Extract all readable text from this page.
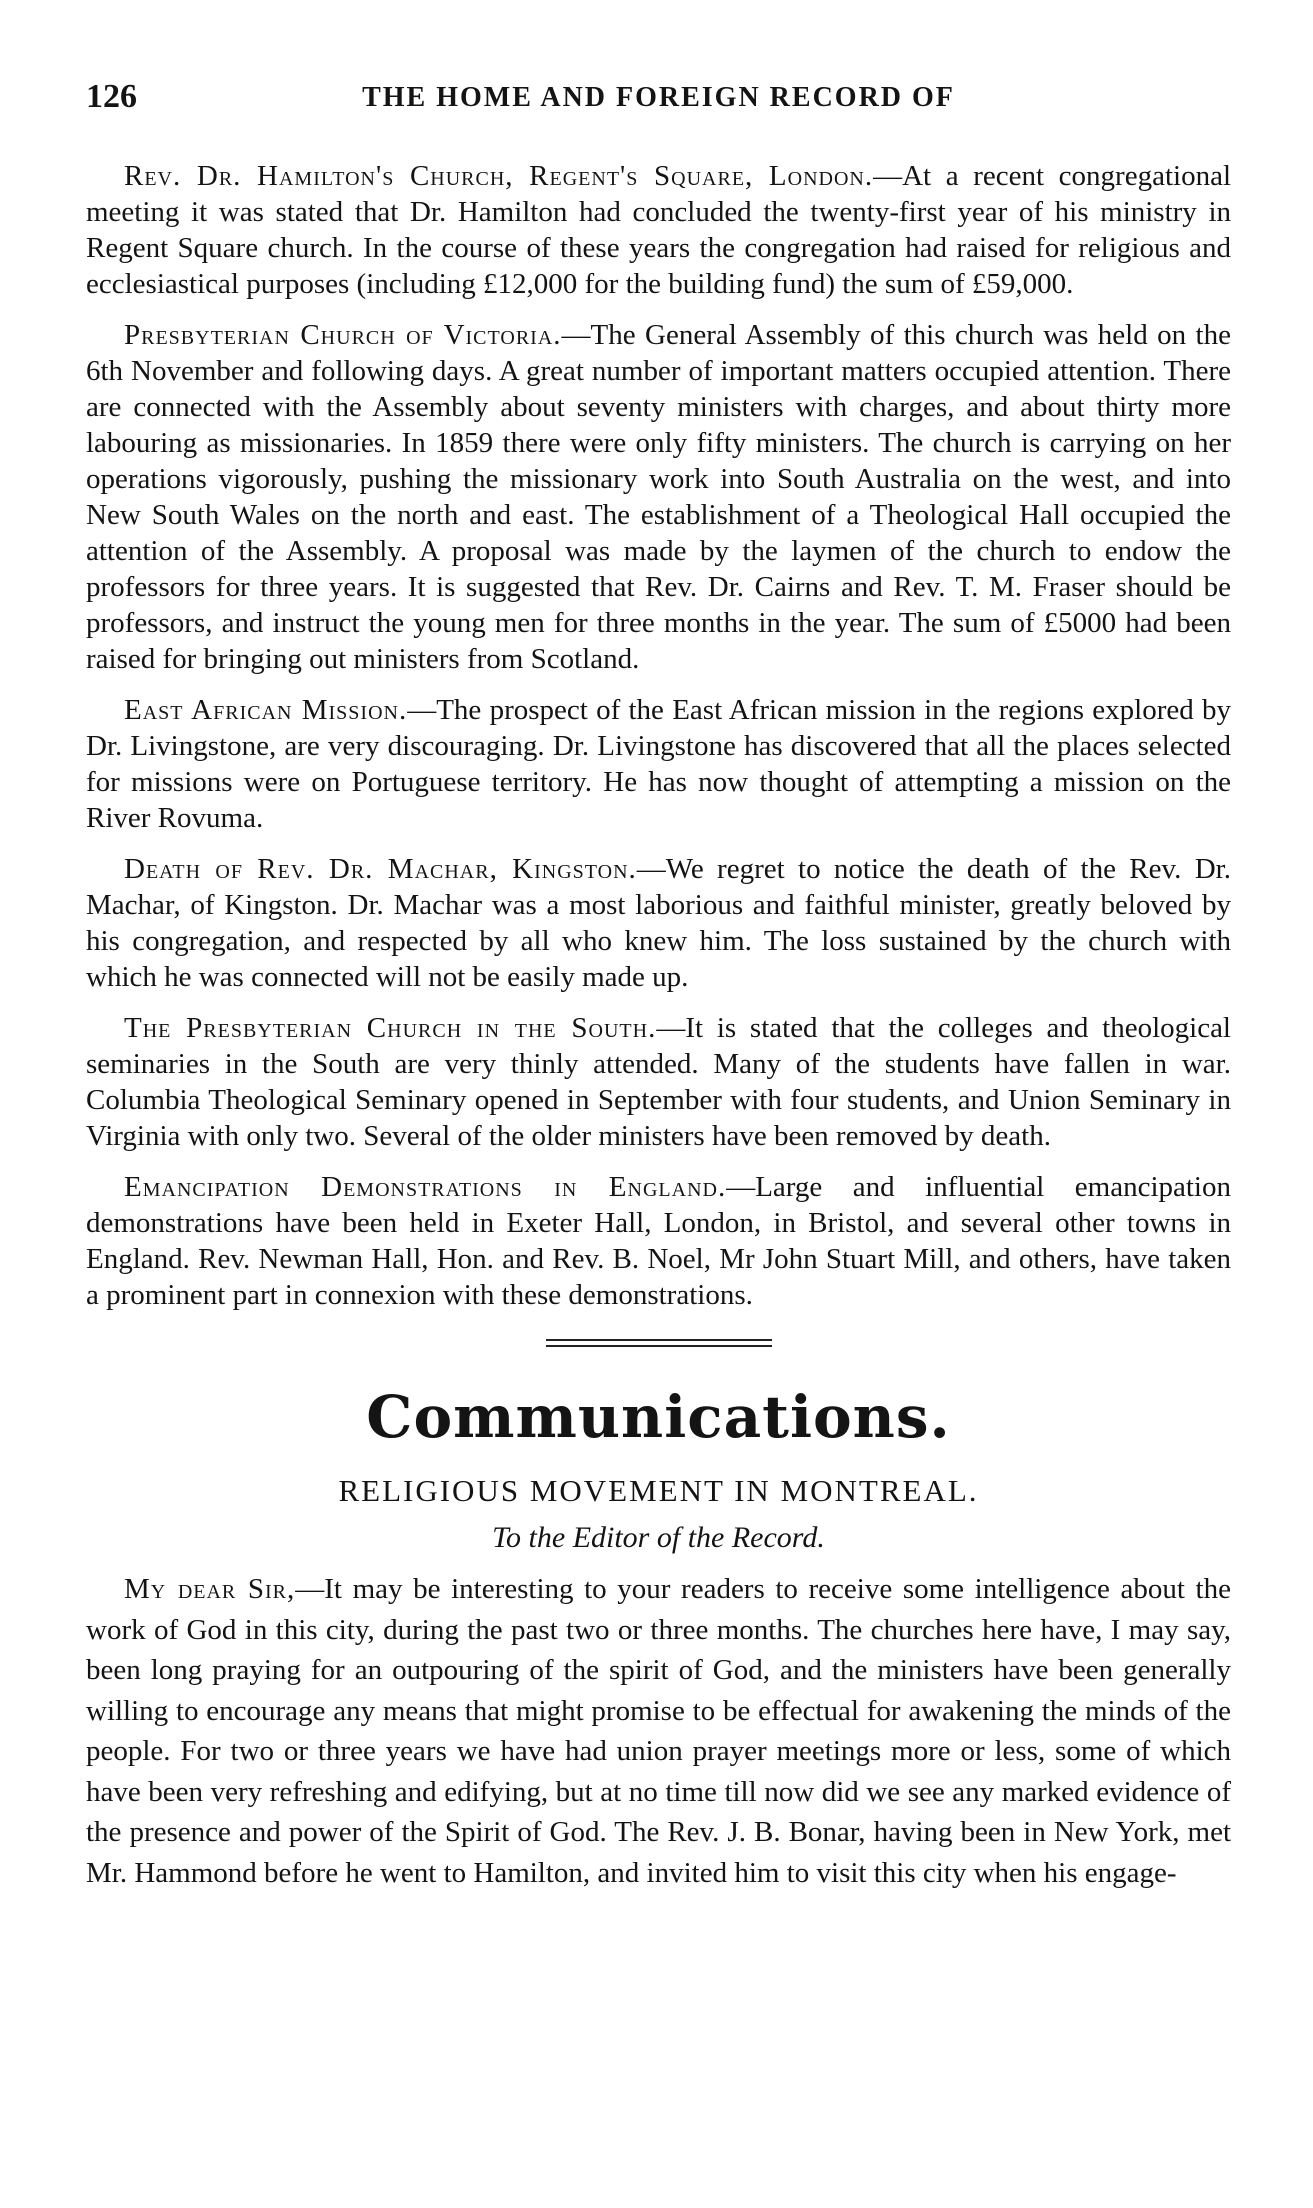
126	THE HOME AND FOREIGN RECORD OF

Rev. Dr. Hamilton's Church, Regent's Square, London.—At a recent congregational meeting it was stated that Dr. Hamilton had concluded the twenty-first year of his ministry in Regent Square church. In the course of these years the congregation had raised for religious and ecclesiastical purposes (including £12,000 for the building fund) the sum of £59,000.

Presbyterian Church of Victoria.—The General Assembly of this church was held on the 6th November and following days. A great number of important matters occupied attention. There are connected with the Assembly about seventy ministers with charges, and about thirty more labouring as missionaries. In 1859 there were only fifty ministers. The church is carrying on her operations vigorously, pushing the missionary work into South Australia on the west, and into New South Wales on the north and east. The establishment of a Theological Hall occupied the attention of the Assembly. A proposal was made by the laymen of the church to endow the professors for three years. It is suggested that Rev. Dr. Cairns and Rev. T. M. Fraser should be professors, and instruct the young men for three months in the year. The sum of £5000 had been raised for bringing out ministers from Scotland.

East African Mission.—The prospect of the East African mission in the regions explored by Dr. Livingstone, are very discouraging. Dr. Livingstone has discovered that all the places selected for missions were on Portuguese territory. He has now thought of attempting a mission on the River Rovuma.

Death of Rev. Dr. Machar, Kingston.—We regret to notice the death of the Rev. Dr. Machar, of Kingston. Dr. Machar was a most laborious and faithful minister, greatly beloved by his congregation, and respected by all who knew him. The loss sustained by the church with which he was connected will not be easily made up.

The Presbyterian Church in the South.—It is stated that the colleges and theological seminaries in the South are very thinly attended. Many of the students have fallen in war. Columbia Theological Seminary opened in September with four students, and Union Seminary in Virginia with only two. Several of the older ministers have been removed by death.

Emancipation Demonstrations in England.—Large and influential emancipation demonstrations have been held in Exeter Hall, London, in Bristol, and several other towns in England. Rev. Newman Hall, Hon. and Rev. B. Noel, Mr John Stuart Mill, and others, have taken a prominent part in connexion with these demonstrations.

Communications.
RELIGIOUS MOVEMENT IN MONTREAL.
To the Editor of the Record.

My dear Sir,—It may be interesting to your readers to receive some intelligence about the work of God in this city, during the past two or three months. The churches here have, I may say, been long praying for an outpouring of the spirit of God, and the ministers have been generally willing to encourage any means that might promise to be effectual for awakening the minds of the people. For two or three years we have had union prayer meetings more or less, some of which have been very refreshing and edifying, but at no time till now did we see any marked evidence of the presence and power of the Spirit of God. The Rev. J. B. Bonar, having been in New York, met Mr. Hammond before he went to Hamilton, and invited him to visit this city when his engage-
